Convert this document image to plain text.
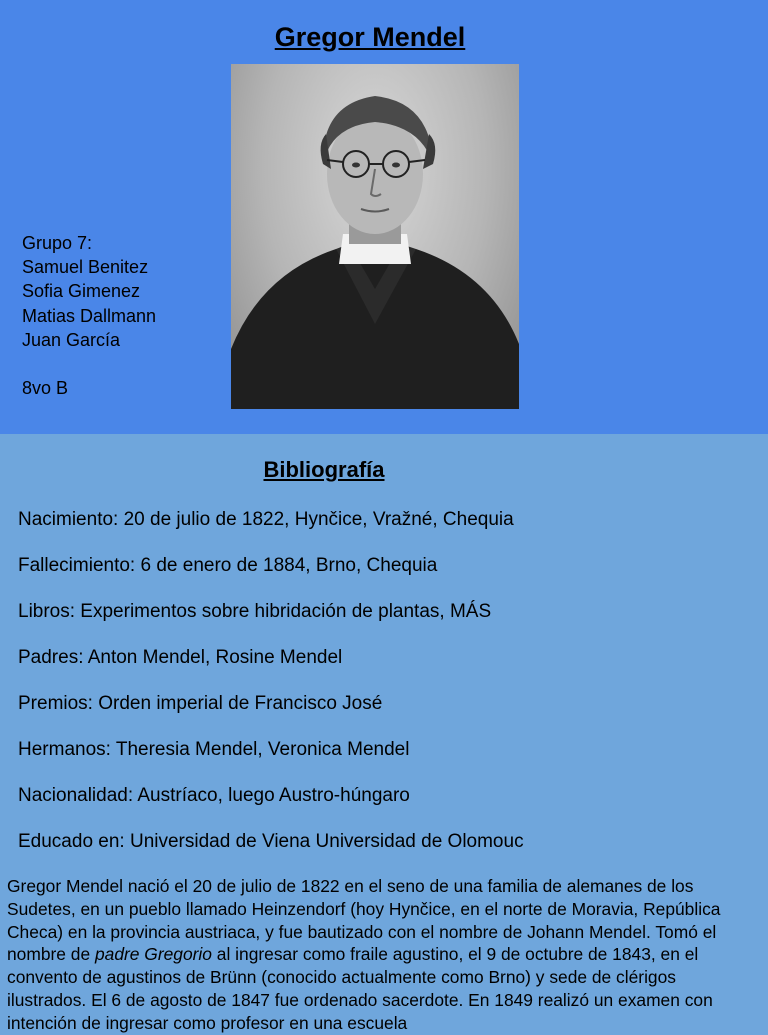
Gregor Mendel
Grupo 7:
Samuel Benitez
Sofia Gimenez
Matias Dallmann
Juan García
8vo B
Bibliografía
Nacimiento: 20 de julio de 1822, Hynčice, Vražné, Chequia
Fallecimiento: 6 de enero de 1884, Brno, Chequia
Libros: Experimentos sobre hibridación de plantas, MÁS
Padres: Anton Mendel, Rosine Mendel
Premios: Orden imperial de Francisco José
Hermanos: Theresia Mendel, Veronica Mendel
Nacionalidad: Austríaco, luego Austro-húngaro
Educado en: Universidad de Viena Universidad de Olomouc
Gregor Mendel nació el 20 de julio de 1822 en el seno de una familia de alemanes de los Sudetes, en un pueblo llamado Heinzendorf (hoy Hynčice, en el norte de Moravia, República Checa) en la provincia austriaca, y fue bautizado con el nombre de Johann Mendel. Tomó el nombre de padre Gregorio al ingresar como fraile agustino, el 9 de octubre de 1843, en el convento de agustinos de Brünn (conocido actualmente como Brno) y sede de clérigos ilustrados. El 6 de agosto de 1847 fue ordenado sacerdote. En 1849 realizó un examen con intención de ingresar como profesor en una escuela
